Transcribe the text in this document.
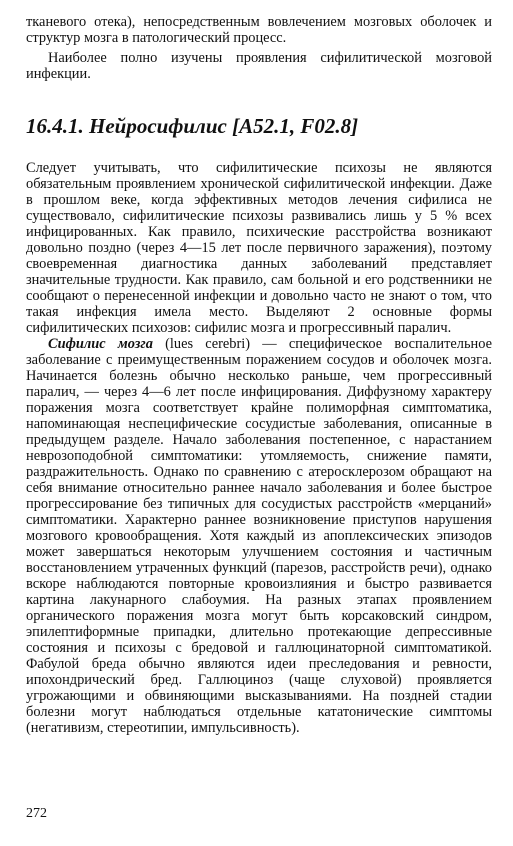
тканевого отека), непосредственным вовлечением мозговых оболочек и структур мозга в патологический процесс.

Наиболее полно изучены проявления сифилитической мозговой инфекции.

16.4.1. Нейросифилис [A52.1, F02.8]

Следует учитывать, что сифилитические психозы не являются обязательным проявлением хронической сифилитической инфекции. Даже в прошлом веке, когда эффективных методов лечения сифилиса не существовало, сифилитические психозы развивались лишь у 5 % всех инфицированных. Как правило, психические расстройства возникают довольно поздно (через 4—15 лет после первичного заражения), поэтому своевременная диагностика данных заболеваний представляет значительные трудности. Как правило, сам больной и его родственники не сообщают о перенесенной инфекции и довольно часто не знают о том, что такая инфекция имела место. Выделяют 2 основные формы сифилитических психозов: сифилис мозга и прогрессивный паралич.

Сифилис мозга (lues cerebri) — специфическое воспалительное заболевание с преимущественным поражением сосудов и оболочек мозга. Начинается болезнь обычно несколько раньше, чем прогрессивный паралич, — через 4—6 лет после инфицирования. Диффузному характеру поражения мозга соответствует крайне полиморфная симптоматика, напоминающая неспецифические сосудистые заболевания, описанные в предыдущем разделе. Начало заболевания постепенное, с нарастанием неврозоподобной симптоматики: утомляемость, снижение памяти, раздражительность. Однако по сравнению с атеросклерозом обращают на себя внимание относительно раннее начало заболевания и более быстрое прогрессирование без типичных для сосудистых расстройств «мерцаний» симптоматики. Характерно раннее возникновение приступов нарушения мозгового кровообращения. Хотя каждый из апоплексических эпизодов может завершаться некоторым улучшением состояния и частичным восстановлением утраченных функций (парезов, расстройств речи), однако вскоре наблюдаются повторные кровоизлияния и быстро развивается картина лакунарного слабоумия. На разных этапах проявлением органического поражения мозга могут быть корсаковский синдром, эпилептиформные припадки, длительно протекающие депрессивные состояния и психозы с бредовой и галлюцинаторной симптоматикой. Фабулой бреда обычно являются идеи преследования и ревности, ипохондрический бред. Галлюциноз (чаще слуховой) проявляется угрожающими и обвиняющими высказываниями. На поздней стадии болезни могут наблюдаться отдельные кататонические симптомы (негативизм, стереотипии, импульсивность).

272
